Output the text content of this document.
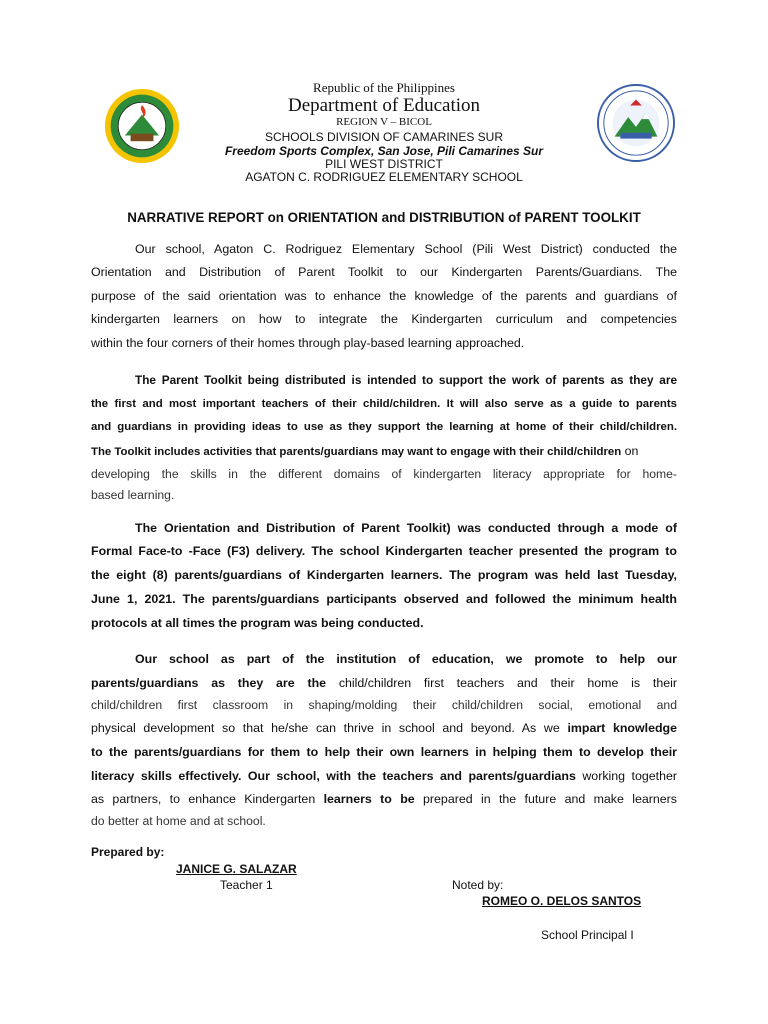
Republic of the Philippines
Department of Education
REGION V – BICOL
SCHOOLS DIVISION OF CAMARINES SUR
Freedom Sports Complex, San Jose, Pili Camarines Sur
PILI WEST DISTRICT
AGATON C. RODRIGUEZ ELEMENTARY SCHOOL
NARRATIVE REPORT on ORIENTATION and DISTRIBUTION of PARENT TOOLKIT
Our school, Agaton C. Rodriguez Elementary School (Pili West District) conducted the
Orientation and Distribution of Parent Toolkit to our Kindergarten Parents/Guardians. The
purpose of the said orientation was to enhance the knowledge of the parents and guardians of
kindergarten learners on how to integrate the Kindergarten curriculum and competencies
within the four corners of their homes through play-based learning approached.
The Parent Toolkit being distributed is intended to support the work of parents as they are
the first and most important teachers of their child/children. It will also serve as a guide to parents
and guardians in providing ideas to use as they support the learning at home of their child/children.
The Toolkit includes activities that parents/guardians may want to engage with their child/children on
developing the skills in the different domains of kindergarten literacy appropriate for home-
based learning.
The Orientation and Distribution of Parent Toolkit) was conducted through a mode of
Formal Face-to -Face (F3) delivery. The school Kindergarten teacher presented the program to
the eight (8) parents/guardians of Kindergarten learners. The program was held last Tuesday,
June 1, 2021. The parents/guardians participants observed and followed the minimum health
protocols at all times the program was being conducted.
Our school as part of the institution of education, we promote to help our
parents/guardians as they are the child/children first teachers and their home is their
child/children first classroom in shaping/molding their child/children social, emotional and
physical development so that he/she can thrive in school and beyond. As we impart knowledge
to the parents/guardians for them to help their own learners in helping them to develop their
literacy skills effectively. Our school, with the teachers and parents/guardians working together
as partners, to enhance Kindergarten learners to be prepared in the future and make learners
do better at home and at school.
Prepared by:
JANICE G. SALAZAR
Teacher 1	Noted by:
ROMEO O. DELOS SANTOS
School Principal I
